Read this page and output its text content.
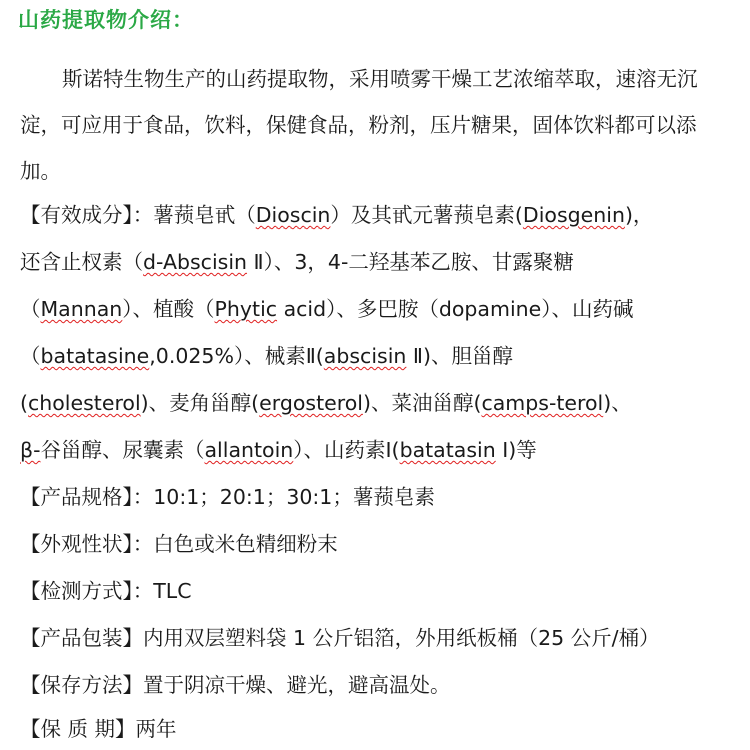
山药提取物介绍：
斯诺特生物生产的山药提取物，采用喷雾干燥工艺浓缩萃取，速溶无沉淀，可应用于食品，饮料，保健食品，粉剂，压片糖果，固体饮料都可以添加。
【有效成分】：薯蓣皂甙（Dioscin）及其甙元薯蓣皂素(Diosgenin)，
还含止杈素（d-Abscisin Ⅱ）、3，4-二羟基苯乙胺、甘露聚糖
（Mannan）、植酸（Phytic acid）、多巴胺（dopamine）、山药碱
（batatasine,0.025%）、械素Ⅱ(abscisin Ⅱ)、胆甾醇
(cholesterol)、麦角甾醇(ergosterol)、菜油甾醇(camps-terol)、
β-谷甾醇、尿囊素（allantoin）、山药素Ⅰ(batatasin Ⅰ)等
【产品规格】：10:1；20:1；30:1；薯蓣皂素
【外观性状】：白色或米色精细粉末
【检测方式】：TLC
【产品包装】内用双层塑料袋 1 公斤铝箔，外用纸板桶（25 公斤/桶）
【保存方法】置于阴凉干燥、避光，避高温处。
【保 质 期】两年
